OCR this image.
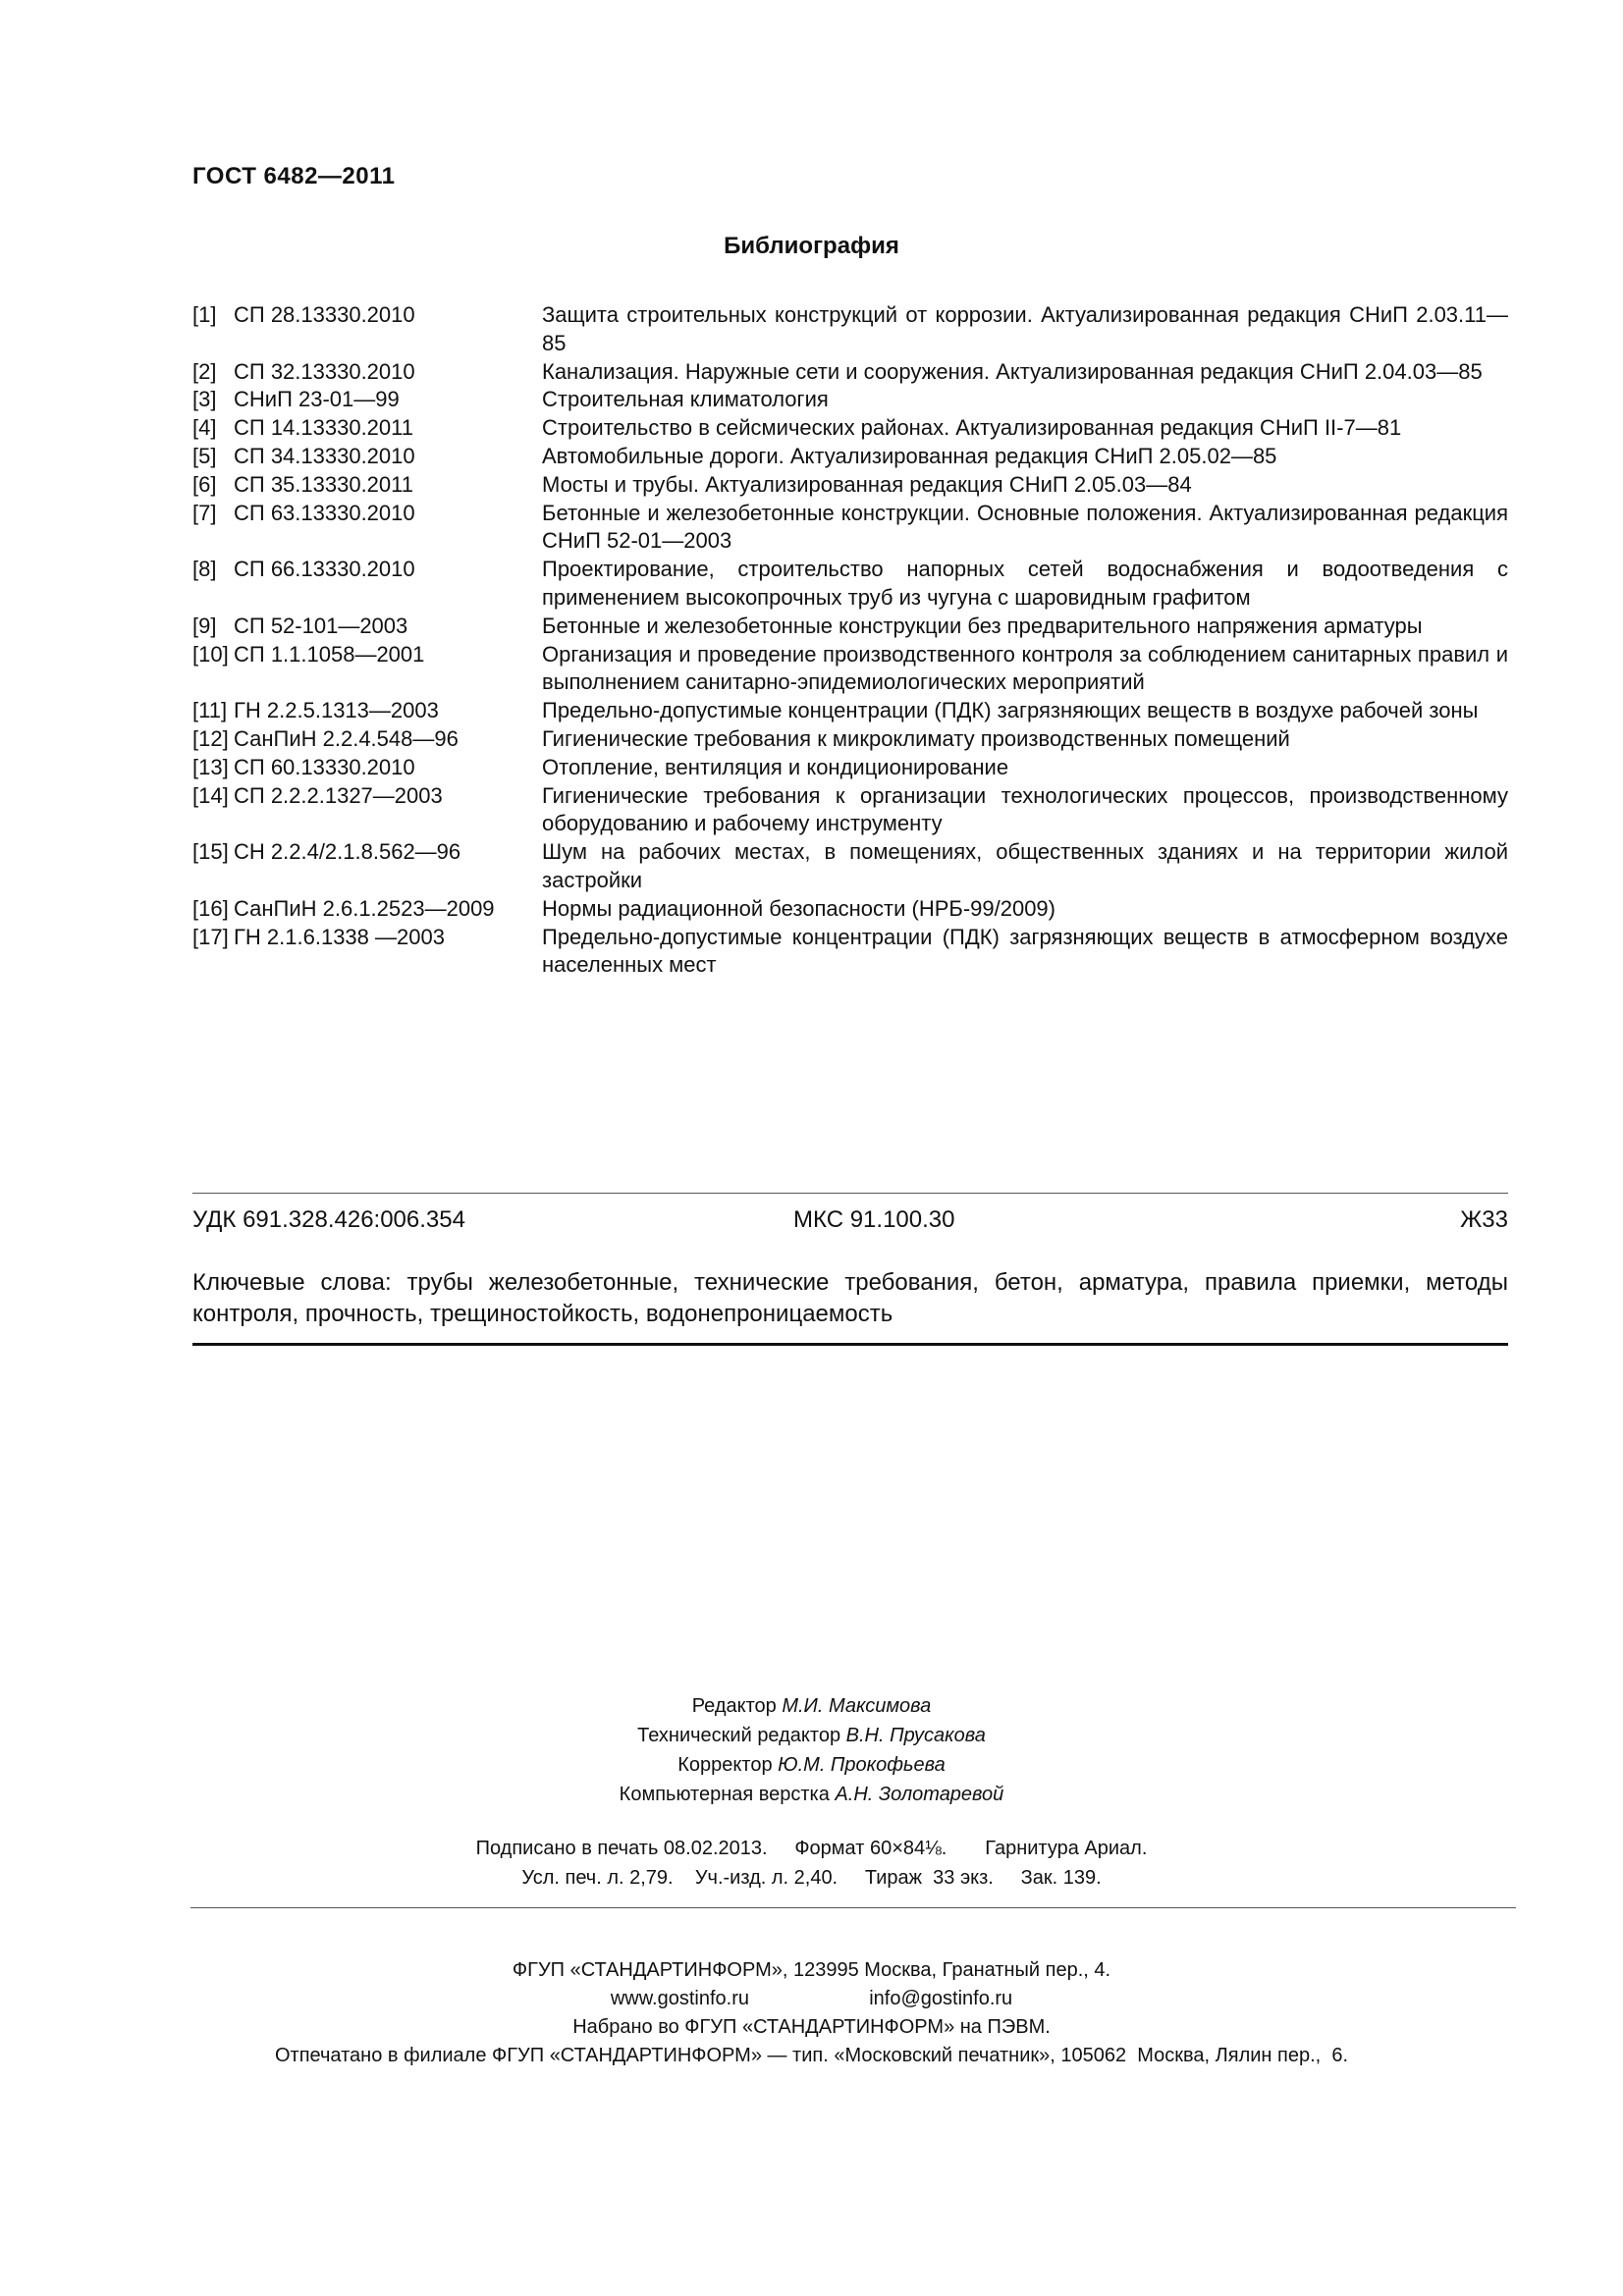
ГОСТ 6482—2011
Библиография
[1] СП 28.13330.2010	Защита строительных конструкций от коррозии. Актуализированная редакция СНиП 2.03.11—85
[2] СП 32.13330.2010	Канализация. Наружные сети и сооружения. Актуализированная редакция СНиП 2.04.03—85
[3] СНиП 23-01—99	Строительная климатология
[4] СП 14.13330.2011	Строительство в сейсмических районах. Актуализированная редакция СНиП II-7—81
[5] СП 34.13330.2010	Автомобильные дороги. Актуализированная редакция СНиП 2.05.02—85
[6] СП 35.13330.2011	Мосты и трубы. Актуализированная редакция СНиП 2.05.03—84
[7] СП 63.13330.2010	Бетонные и железобетонные конструкции. Основные положения. Актуализированная редакция СНиП 52-01—2003
[8] СП 66.13330.2010	Проектирование, строительство напорных сетей водоснабжения и водоотведения с применением высокопрочных труб из чугуна с шаровидным графитом
[9] СП 52-101—2003	Бетонные и железобетонные конструкции без предварительного напряжения арматуры
[10] СП 1.1.1058—2001	Организация и проведение производственного контроля за соблюдением санитарных правил и выполнением санитарно-эпидемиологических мероприятий
[11] ГН 2.2.5.1313—2003	Предельно-допустимые концентрации (ПДК) загрязняющих веществ в воздухе рабочей зоны
[12] СанПиН 2.2.4.548—96	Гигиенические требования к микроклимату производственных помещений
[13] СП 60.13330.2010	Отопление, вентиляция и кондиционирование
[14] СП 2.2.2.1327—2003	Гигиенические требования к организации технологических процессов, производственному оборудованию и рабочему инструменту
[15] СН 2.2.4/2.1.8.562—96	Шум на рабочих местах, в помещениях, общественных зданиях и на территории жилой застройки
[16] СанПиН 2.6.1.2523—2009	Нормы радиационной безопасности (НРБ-99/2009)
[17] ГН 2.1.6.1338 —2003	Предельно-допустимые концентрации (ПДК) загрязняющих веществ в атмосферном воздухе населенных мест
УДК 691.328.426:006.354	МКС 91.100.30	Ж33
Ключевые слова: трубы железобетонные, технические требования, бетон, арматура, правила приемки, методы контроля, прочность, трещиностойкость, водонепроницаемость
Редактор М.И. Максимова
Технический редактор В.Н. Прусакова
Корректор Ю.М. Прокофьева
Компьютерная верстка А.Н. Золотаревой
Подписано в печать 08.02.2013.     Формат 60×84⅛.       Гарнитура Ариал.
Усл. печ. л. 2,79.    Уч.-изд. л. 2,40.     Тираж  33 экз.     Зак. 139.
ФГУП «СТАНДАРТИНФОРМ», 123995 Москва, Гранатный пер., 4.
www.gostinfo.ru                      info@gostinfo.ru
Набрано во ФГУП «СТАНДАРТИНФОРМ» на ПЭВМ.
Отпечатано в филиале ФГУП «СТАНДАРТИНФОРМ» — тип. «Московский печатник», 105062  Москва, Лялин пер.,  6.
